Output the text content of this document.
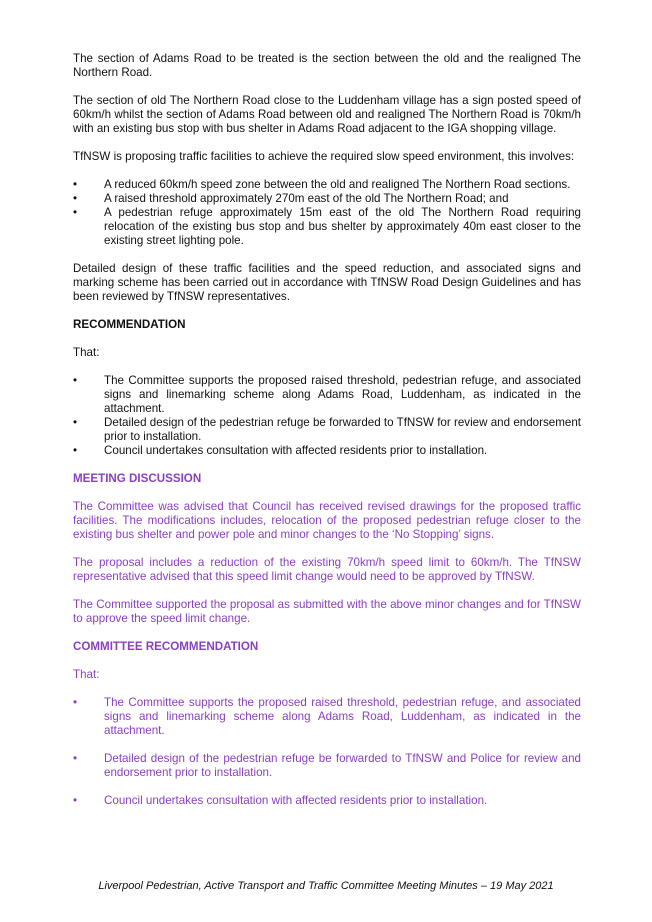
The section of Adams Road to be treated is the section between the old and the realigned The Northern Road.

The section of old The Northern Road close to the Luddenham village has a sign posted speed of 60km/h whilst the section of Adams Road between old and realigned The Northern Road is 70km/h with an existing bus stop with bus shelter in Adams Road adjacent to the IGA shopping village.

TfNSW is proposing traffic facilities to achieve the required slow speed environment, this involves:

• A reduced 60km/h speed zone between the old and realigned The Northern Road sections.
• A raised threshold approximately 270m east of the old The Northern Road; and
• A pedestrian refuge approximately 15m east of the old The Northern Road requiring relocation of the existing bus stop and bus shelter by approximately 40m east closer to the existing street lighting pole.

Detailed design of these traffic facilities and the speed reduction, and associated signs and marking scheme has been carried out in accordance with TfNSW Road Design Guidelines and has been reviewed by TfNSW representatives.

RECOMMENDATION

That:

• The Committee supports the proposed raised threshold, pedestrian refuge, and associated signs and linemarking scheme along Adams Road, Luddenham, as indicated in the attachment.
• Detailed design of the pedestrian refuge be forwarded to TfNSW for review and endorsement prior to installation.
• Council undertakes consultation with affected residents prior to installation.
MEETING DISCUSSION

The Committee was advised that Council has received revised drawings for the proposed traffic facilities. The modifications includes, relocation of the proposed pedestrian refuge closer to the existing bus shelter and power pole and minor changes to the ‘No Stopping’ signs.

The proposal includes a reduction of the existing 70km/h speed limit to 60km/h. The TfNSW representative advised that this speed limit change would need to be approved by TfNSW.

The Committee supported the proposal as submitted with the above minor changes and for TfNSW to approve the speed limit change.

COMMITTEE RECOMMENDATION

That:

• The Committee supports the proposed raised threshold, pedestrian refuge, and associated signs and linemarking scheme along Adams Road, Luddenham, as indicated in the attachment.
• Detailed design of the pedestrian refuge be forwarded to TfNSW and Police for review and endorsement prior to installation.
• Council undertakes consultation with affected residents prior to installation.
Liverpool Pedestrian, Active Transport and Traffic Committee Meeting Minutes – 19 May 2021
